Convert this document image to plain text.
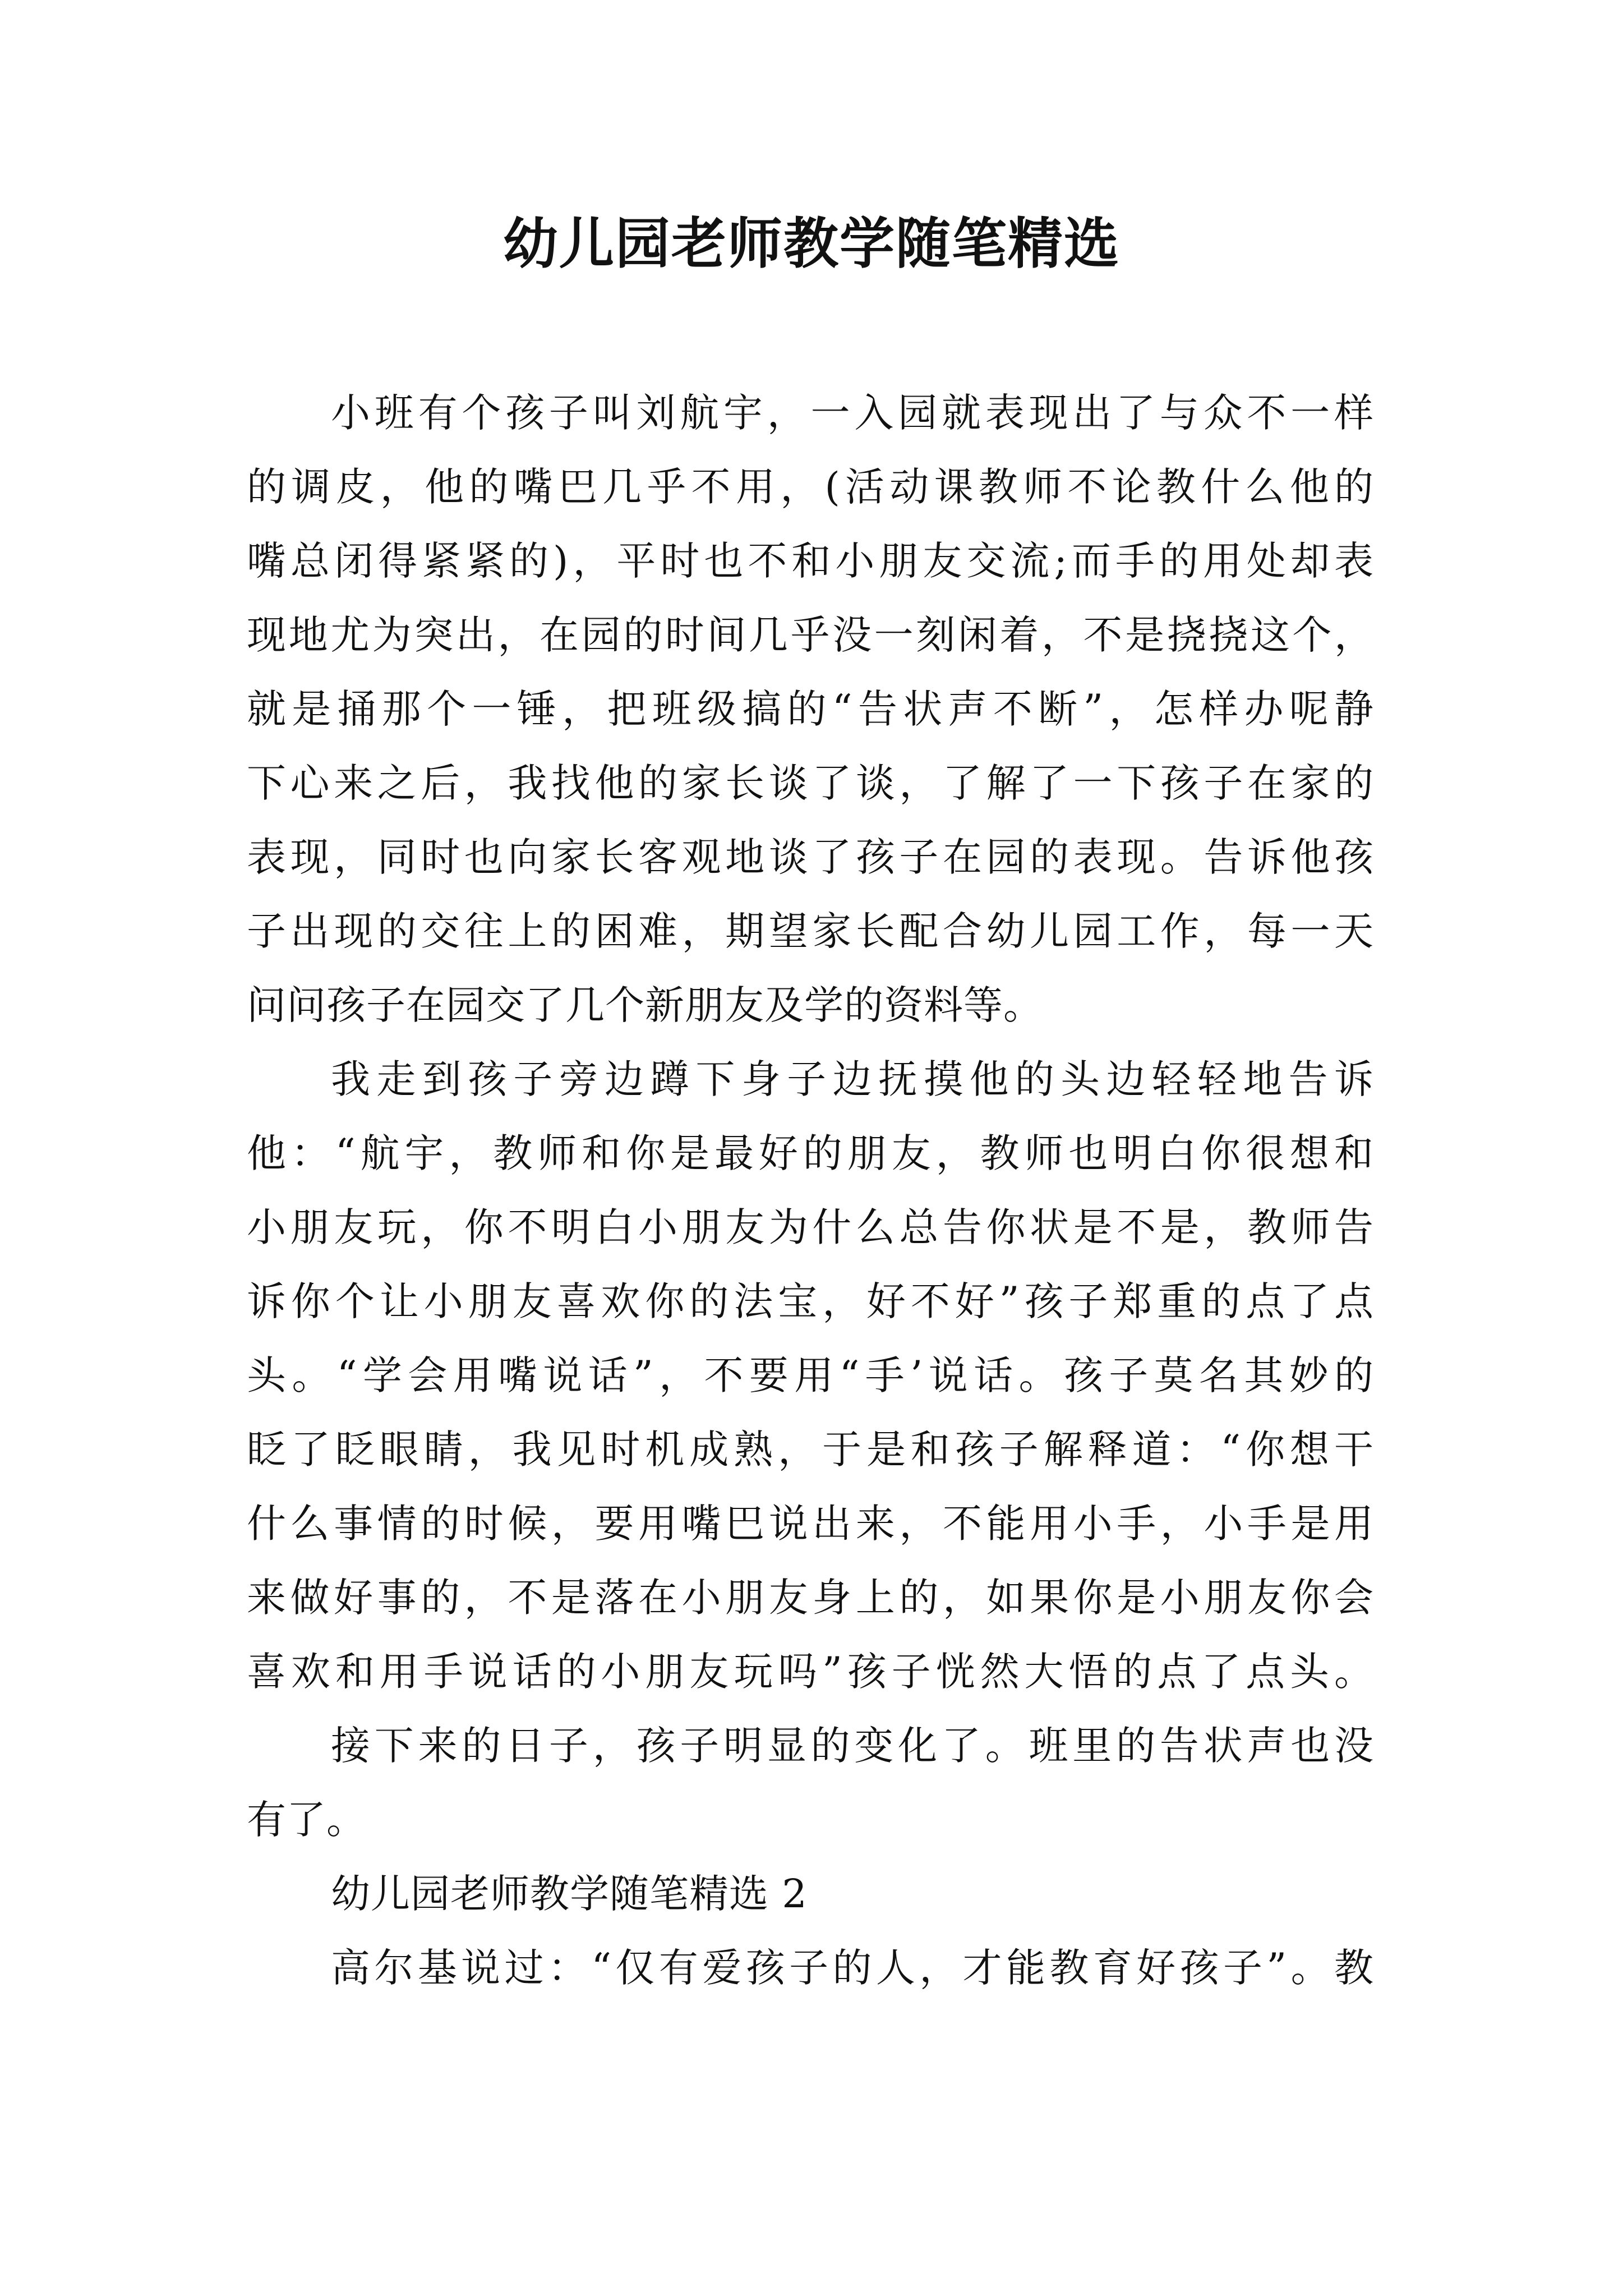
幼儿园老师教学随笔精选
小班有个孩子叫刘航宇，一入园就表现出了与众不一样
的调皮，他的嘴巴几乎不用，(活动课教师不论教什么他的
嘴总闭得紧紧的)，平时也不和小朋友交流;而手的用处却表
现地尤为突出，在园的时间几乎没一刻闲着，不是挠挠这个，
就是捅那个一锤，把班级搞的“告状声不断”，怎样办呢静
下心来之后，我找他的家长谈了谈，了解了一下孩子在家的
表现，同时也向家长客观地谈了孩子在园的表现。告诉他孩
子出现的交往上的困难，期望家长配合幼儿园工作，每一天
问问孩子在园交了几个新朋友及学的资料等。
我走到孩子旁边蹲下身子边抚摸他的头边轻轻地告诉
他：“航宇，教师和你是最好的朋友，教师也明白你很想和
小朋友玩，你不明白小朋友为什么总告你状是不是，教师告
诉你个让小朋友喜欢你的法宝，好不好”孩子郑重的点了点
头。“学会用嘴说话”，不要用“手’说话。孩子莫名其妙的
眨了眨眼睛，我见时机成熟，于是和孩子解释道：“你想干
什么事情的时候，要用嘴巴说出来，不能用小手，小手是用
来做好事的，不是落在小朋友身上的，如果你是小朋友你会
喜欢和用手说话的小朋友玩吗”孩子恍然大悟的点了点头。
接下来的日子，孩子明显的变化了。班里的告状声也没
有了。
幼儿园老师教学随笔精选 2
高尔基说过：“仅有爱孩子的人，才能教育好孩子”。教
